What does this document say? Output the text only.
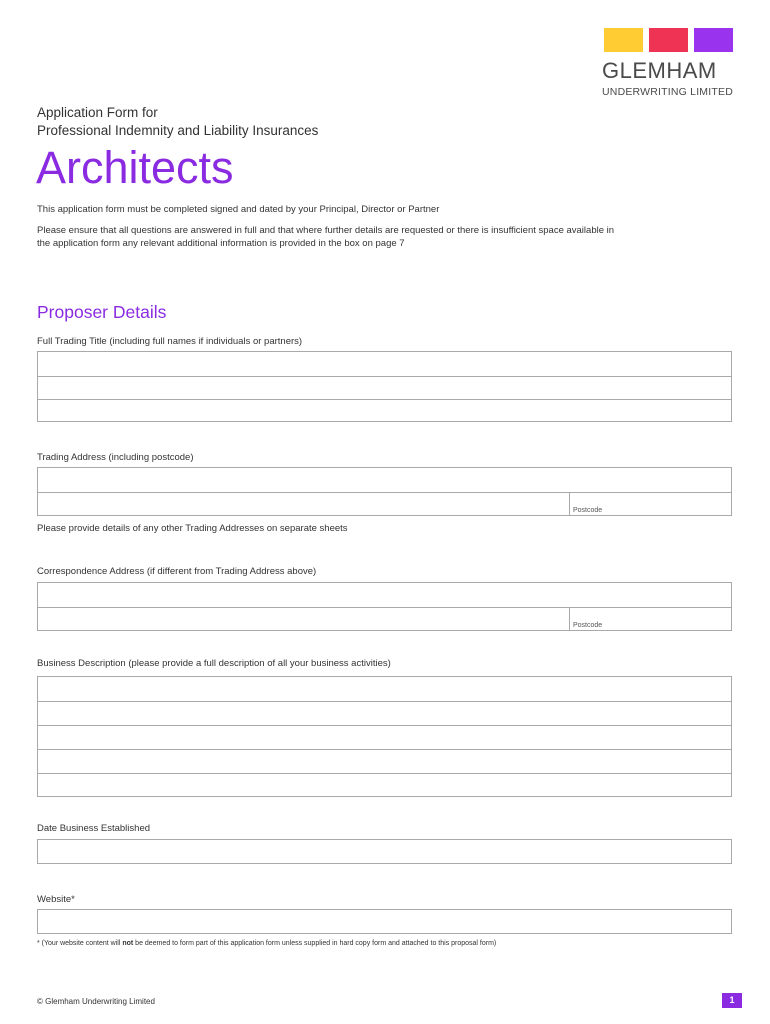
GLEMHAM
UNDERWRITING LIMITED
Application Form for
Professional Indemnity and Liability Insurances
Architects
This application form must be completed signed and dated by your Principal, Director or Partner
Please ensure that all questions are answered in full and that where further details are requested or there is insufficient space available in
the application form any relevant additional information is provided in the box on page 7
Proposer Details
Full Trading Title (including full names if individuals or partners)
Trading Address (including postcode)
Postcode
Please provide details of any other Trading Addresses on separate sheets
Correspondence Address (if different from Trading Address above)
Postcode
Business Description (please provide a full description of all your business activities)
Date Business Established
Website*
* (Your website content will not be deemed to form part of this application form unless supplied in hard copy form and attached to this proposal form)
© Glemham Underwriting Limited	1
